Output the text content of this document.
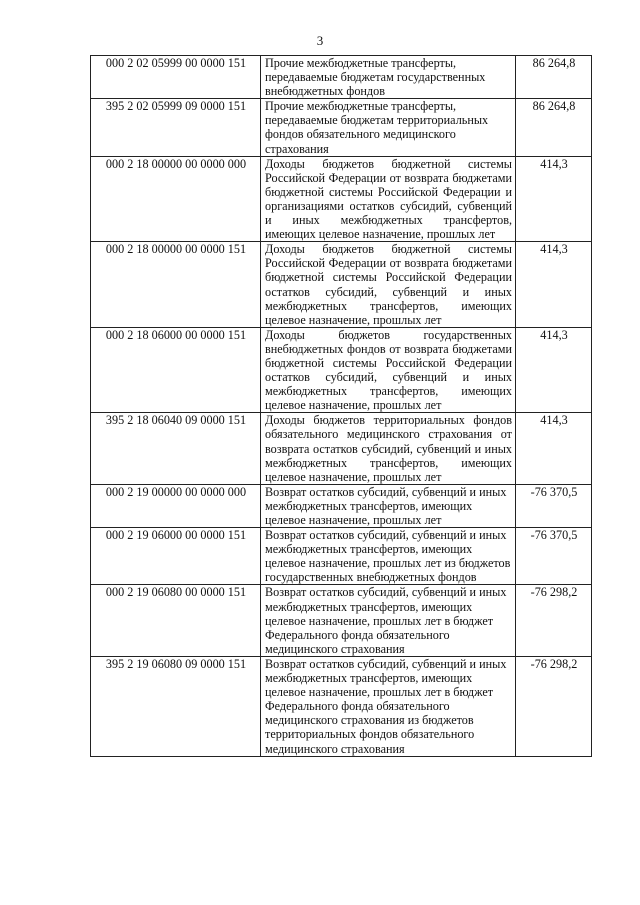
3
000 2 02 05999 00 0000 151	Прочие межбюджетные трансферты, передаваемые бюджетам государственных внебюджетных фондов	86 264,8
395 2 02 05999 09 0000 151	Прочие межбюджетные трансферты, передаваемые бюджетам территориальных фондов обязательного медицинского страхования	86 264,8
000 2 18 00000 00 0000 000	Доходы бюджетов бюджетной системы Российской Федерации от возврата бюджетами бюджетной системы Российской Федерации и организациями остатков субсидий, субвенций и иных межбюджетных трансфертов, имеющих целевое назначение, прошлых лет	414,3
000 2 18 00000 00 0000 151	Доходы бюджетов бюджетной системы Российской Федерации от возврата бюджетами бюджетной системы Российской Федерации остатков субсидий, субвенций и иных межбюджетных трансфертов, имеющих целевое назначение, прошлых лет	414,3
000 2 18 06000 00 0000 151	Доходы бюджетов государственных внебюджетных фондов от возврата бюджетами бюджетной системы Российской Федерации остатков субсидий, субвенций и иных межбюджетных трансфертов, имеющих целевое назначение, прошлых лет	414,3
395 2 18 06040 09 0000 151	Доходы бюджетов территориальных фондов обязательного медицинского страхования от возврата остатков субсидий, субвенций и иных межбюджетных трансфертов, имеющих целевое назначение, прошлых лет	414,3
000 2 19 00000 00 0000 000	Возврат остатков субсидий, субвенций и иных межбюджетных трансфертов, имеющих целевое назначение, прошлых лет	-76 370,5
000 2 19 06000 00 0000 151	Возврат остатков субсидий, субвенций и иных межбюджетных трансфертов, имеющих целевое назначение, прошлых лет из бюджетов государственных внебюджетных фондов	-76 370,5
000 2 19 06080 00 0000 151	Возврат остатков субсидий, субвенций и иных межбюджетных трансфертов, имеющих целевое назначение, прошлых лет в бюджет Федерального фонда обязательного медицинского страхования	-76 298,2
395 2 19 06080 09 0000 151	Возврат остатков субсидий, субвенций и иных межбюджетных трансфертов, имеющих целевое назначение, прошлых лет в бюджет Федерального фонда обязательного медицинского страхования из бюджетов территориальных фондов обязательного медицинского страхования	-76 298,2
